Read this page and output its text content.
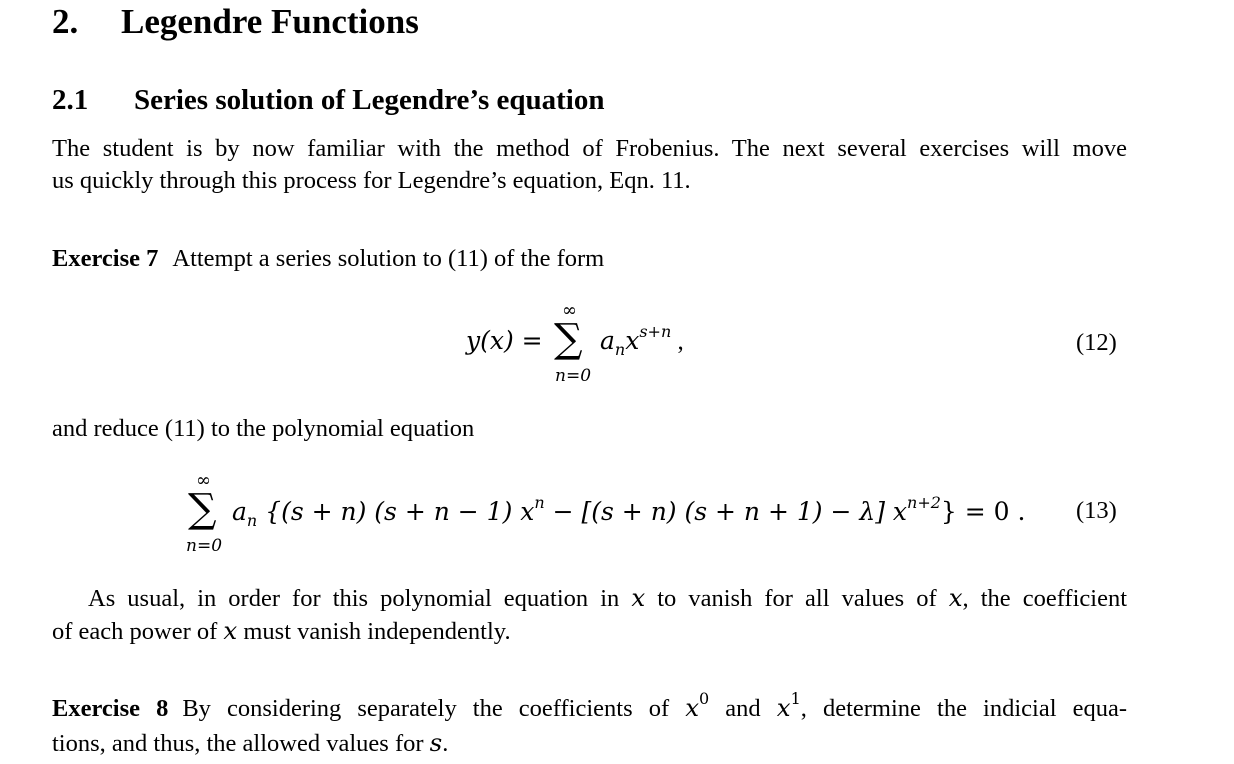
2. Legendre Functions
2.1 Series solution of Legendre’s equation

The student is by now familiar with the method of Frobenius. The next several exercises will move
us quickly through this process for Legendre’s equation, Eqn. 11.

Exercise 7 Attempt a series solution to (11) of the form

y(x) =
∞
∑
n=0
$a_nx^{s+n}$ ,	(12)

and reduce (11) to the polynomial equation

∞
∑
n=0
$a_n$ {(s + n) (s + n − 1) $x^n - [(s + n) (s + n + 1) - \lambda] x^{n+2}\} = 0$ . (13)

As usual, in order for this polynomial equation in x to vanish for all values of x, the coefficient
of each power of x must vanish independently.

Exercise 8 By considering separately the coefficients of $x^0$ and $x^1$, determine the indicial equa-
tions, and thus, the allowed values for s.
